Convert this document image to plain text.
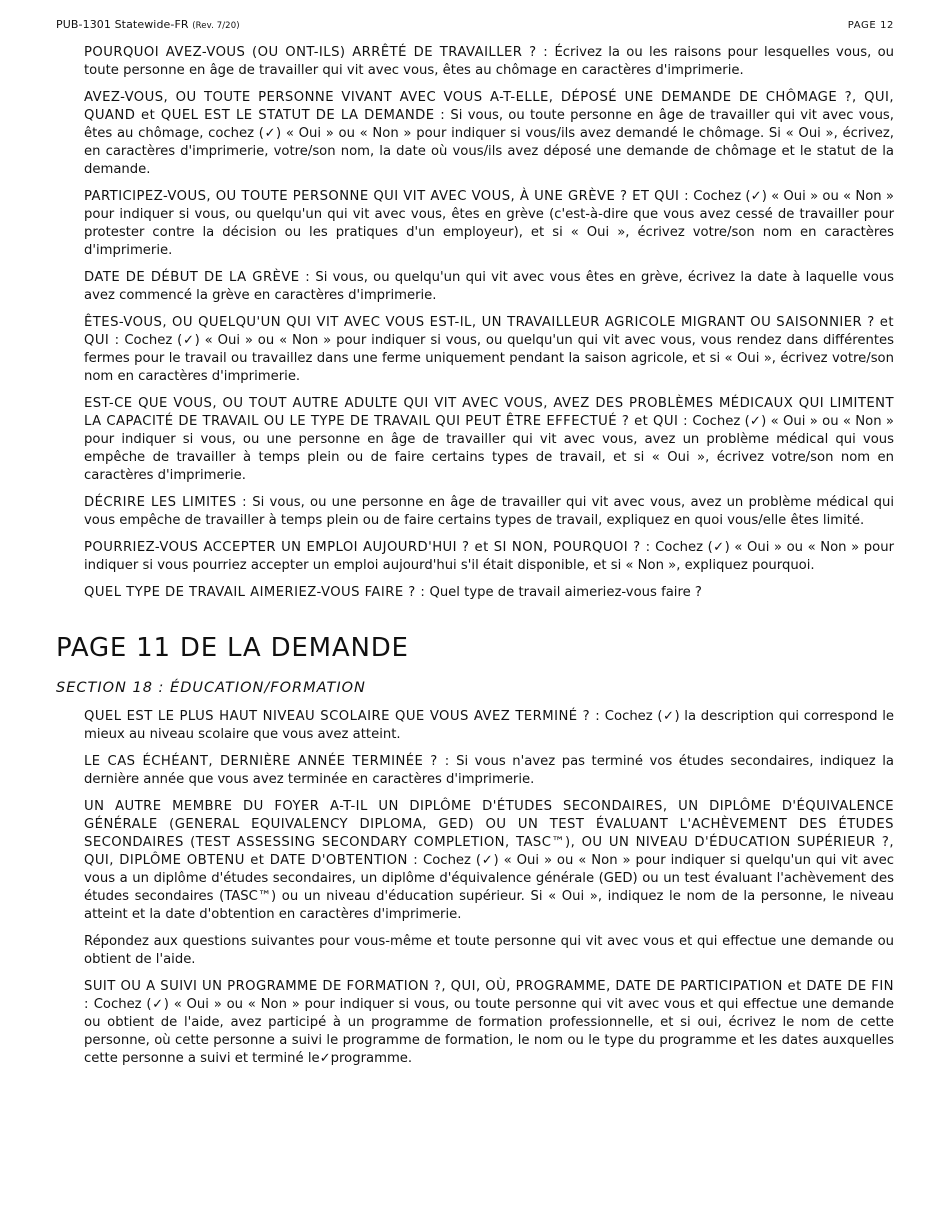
PUB-1301 Statewide-FR (Rev. 7/20)	PAGE 12

POURQUOI AVEZ-VOUS (OU ONT-ILS) ARRÊTÉ DE TRAVAILLER ? : Écrivez la ou les raisons pour lesquelles vous, ou toute personne en âge de travailler qui vit avec vous, êtes au chômage en caractères d'imprimerie.

AVEZ-VOUS, OU TOUTE PERSONNE VIVANT AVEC VOUS A-T-ELLE, DÉPOSÉ UNE DEMANDE DE CHÔMAGE ?, QUI, QUAND et QUEL EST LE STATUT DE LA DEMANDE : Si vous, ou toute personne en âge de travailler qui vit avec vous, êtes au chômage, cochez (✓) « Oui » ou « Non » pour indiquer si vous/ils avez demandé le chômage. Si « Oui », écrivez, en caractères d'imprimerie, votre/son nom, la date où vous/ils avez déposé une demande de chômage et le statut de la demande.

PARTICIPEZ-VOUS, OU TOUTE PERSONNE QUI VIT AVEC VOUS, À UNE GRÈVE ? ET QUI : Cochez (✓) « Oui » ou « Non » pour indiquer si vous, ou quelqu'un qui vit avec vous, êtes en grève (c'est-à-dire que vous avez cessé de travailler pour protester contre la décision ou les pratiques d'un employeur), et si « Oui », écrivez votre/son nom en caractères d'imprimerie.

DATE DE DÉBUT DE LA GRÈVE : Si vous, ou quelqu'un qui vit avec vous êtes en grève, écrivez la date à laquelle vous avez commencé la grève en caractères d'imprimerie.

ÊTES-VOUS, OU QUELQU'UN QUI VIT AVEC VOUS EST-IL, UN TRAVAILLEUR AGRICOLE MIGRANT OU SAISONNIER ? et QUI : Cochez (✓) « Oui » ou « Non » pour indiquer si vous, ou quelqu'un qui vit avec vous, vous rendez dans différentes fermes pour le travail ou travaillez dans une ferme uniquement pendant la saison agricole, et si « Oui », écrivez votre/son nom en caractères d'imprimerie.

EST-CE QUE VOUS, OU TOUT AUTRE ADULTE QUI VIT AVEC VOUS, AVEZ DES PROBLÈMES MÉDICAUX QUI LIMITENT LA CAPACITÉ DE TRAVAIL OU LE TYPE DE TRAVAIL QUI PEUT ÊTRE EFFECTUÉ ? et QUI : Cochez (✓) « Oui » ou « Non » pour indiquer si vous, ou une personne en âge de travailler qui vit avec vous, avez un problème médical qui vous empêche de travailler à temps plein ou de faire certains types de travail, et si « Oui », écrivez votre/son nom en caractères d'imprimerie.

DÉCRIRE LES LIMITES : Si vous, ou une personne en âge de travailler qui vit avec vous, avez un problème médical qui vous empêche de travailler à temps plein ou de faire certains types de travail, expliquez en quoi vous/elle êtes limité.

POURRIEZ-VOUS ACCEPTER UN EMPLOI AUJOURD'HUI ? et SI NON, POURQUOI ? : Cochez (✓) « Oui » ou « Non » pour indiquer si vous pourriez accepter un emploi aujourd'hui s'il était disponible, et si « Non », expliquez pourquoi.

QUEL TYPE DE TRAVAIL AIMERIEZ-VOUS FAIRE ? : Quel type de travail aimeriez-vous faire ?

PAGE 11 DE LA DEMANDE
SECTION 18 : ÉDUCATION/FORMATION

QUEL EST LE PLUS HAUT NIVEAU SCOLAIRE QUE VOUS AVEZ TERMINÉ ? : Cochez (✓) la description qui correspond le mieux au niveau scolaire que vous avez atteint.

LE CAS ÉCHÉANT, DERNIÈRE ANNÉE TERMINÉE ? : Si vous n'avez pas terminé vos études secondaires, indiquez la dernière année que vous avez terminée en caractères d'imprimerie.

UN AUTRE MEMBRE DU FOYER A-T-IL UN DIPLÔME D'ÉTUDES SECONDAIRES, UN DIPLÔME D'ÉQUIVALENCE GÉNÉRALE (GENERAL EQUIVALENCY DIPLOMA, GED) OU UN TEST ÉVALUANT L'ACHÈVEMENT DES ÉTUDES SECONDAIRES (TEST ASSESSING SECONDARY COMPLETION, TASC™), OU UN NIVEAU D'ÉDUCATION SUPÉRIEUR ?, QUI, DIPLÔME OBTENU et DATE D'OBTENTION : Cochez (✓) « Oui » ou « Non » pour indiquer si quelqu'un qui vit avec vous a un diplôme d'études secondaires, un diplôme d'équivalence générale (GED) ou un test évaluant l'achèvement des études secondaires (TASC™) ou un niveau d'éducation supérieur. Si « Oui », indiquez le nom de la personne, le niveau atteint et la date d'obtention en caractères d'imprimerie.

Répondez aux questions suivantes pour vous-même et toute personne qui vit avec vous et qui effectue une demande ou obtient de l'aide.

SUIT OU A SUIVI UN PROGRAMME DE FORMATION ?, QUI, OÙ, PROGRAMME, DATE DE PARTICIPATION et DATE DE FIN : Cochez (✓) « Oui » ou « Non » pour indiquer si vous, ou toute personne qui vit avec vous et qui effectue une demande ou obtient de l'aide, avez participé à un programme de formation professionnelle, et si oui, écrivez le nom de cette personne, où cette personne a suivi le programme de formation, le nom ou le type du programme et les dates auxquelles cette personne a suivi et terminé le✓programme.
